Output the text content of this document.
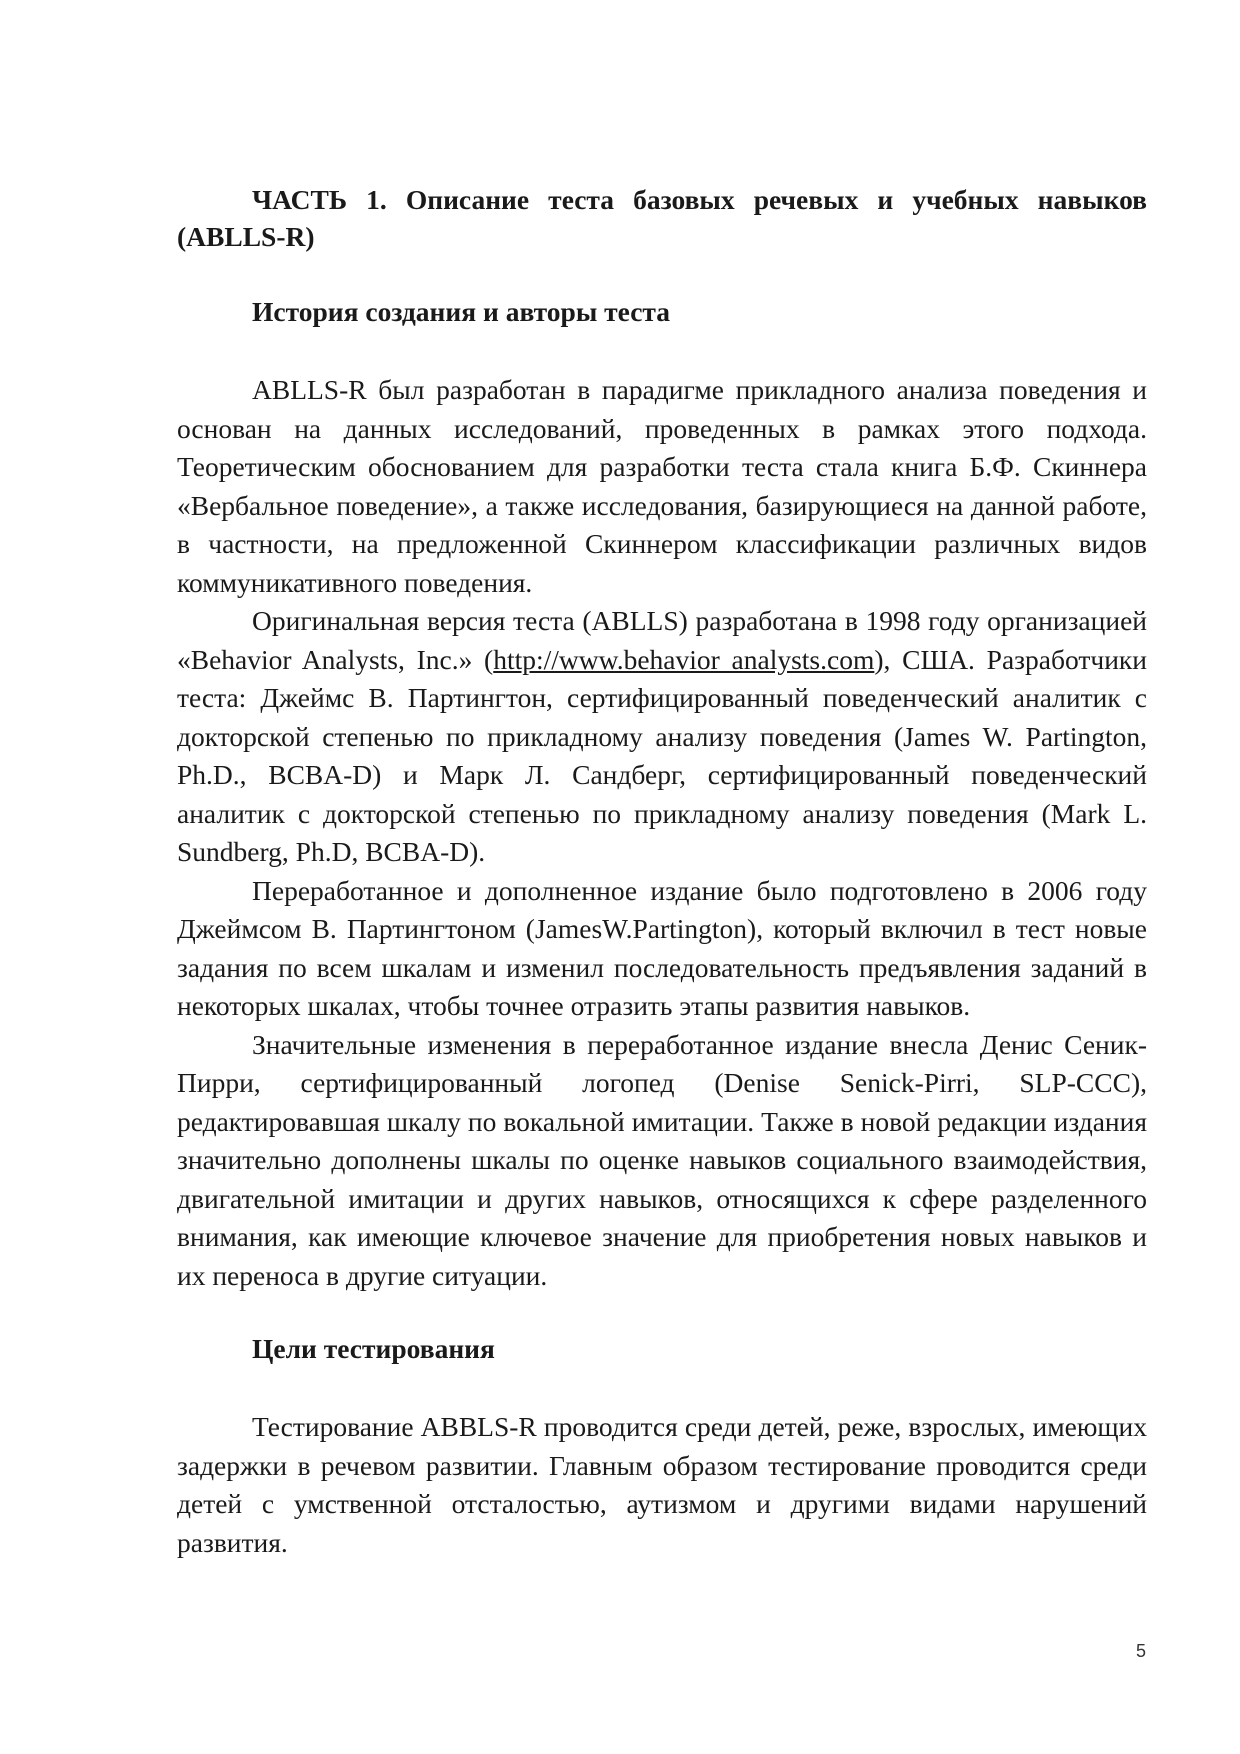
ЧАСТЬ 1. Описание теста базовых речевых и учебных навыков (ABLLS-R)
История создания и авторы теста

ABLLS-R был разработан в парадигме прикладного анализа поведения и основан на данных исследований, проведенных в рамках этого подхода. Теоретическим обоснованием для разработки теста стала книга Б.Ф. Скиннера «Вербальное поведение», а также исследования, базирующиеся на данной работе, в частности, на предложенной Скиннером классификации различных видов коммуникативного поведения.

Оригинальная версия теста (ABLLS) разработана в 1998 году организацией «Behavior Analysts, Inc.» (http://www.behavior analysts.com), США. Разработчики теста: Джеймс В. Партингтон, сертифицированный поведенческий аналитик с докторской степенью по прикладному анализу поведения (James W. Partington, Ph.D., BCBA-D) и Марк Л. Сандберг, сертифицированный поведенческий аналитик с докторской степенью по прикладному анализу поведения (Mark L. Sundberg, Ph.D, BCBA-D).

Переработанное и дополненное издание было подготовлено в 2006 году Джеймсом В. Партингтоном (JamesW.Partington), который включил в тест новые задания по всем шкалам и изменил последовательность предъявления заданий в некоторых шкалах, чтобы точнее отразить этапы развития навыков.

Значительные изменения в переработанное издание внесла Денис Сеник-Пирри, сертифицированный логопед (Denise Senick-Pirri, SLP-CCC), редактировавшая шкалу по вокальной имитации. Также в новой редакции издания значительно дополнены шкалы по оценке навыков социального взаимодействия, двигательной имитации и других навыков, относящихся к сфере разделенного внимания, как имеющие ключевое значение для приобретения новых навыков и их переноса в другие ситуации.

Цели тестирования

Тестирование ABBLS-R проводится среди детей, реже, взрослых, имеющих задержки в речевом развитии. Главным образом тестирование проводится среди детей с умственной отсталостью, аутизмом и другими видами нарушений развития.

5
